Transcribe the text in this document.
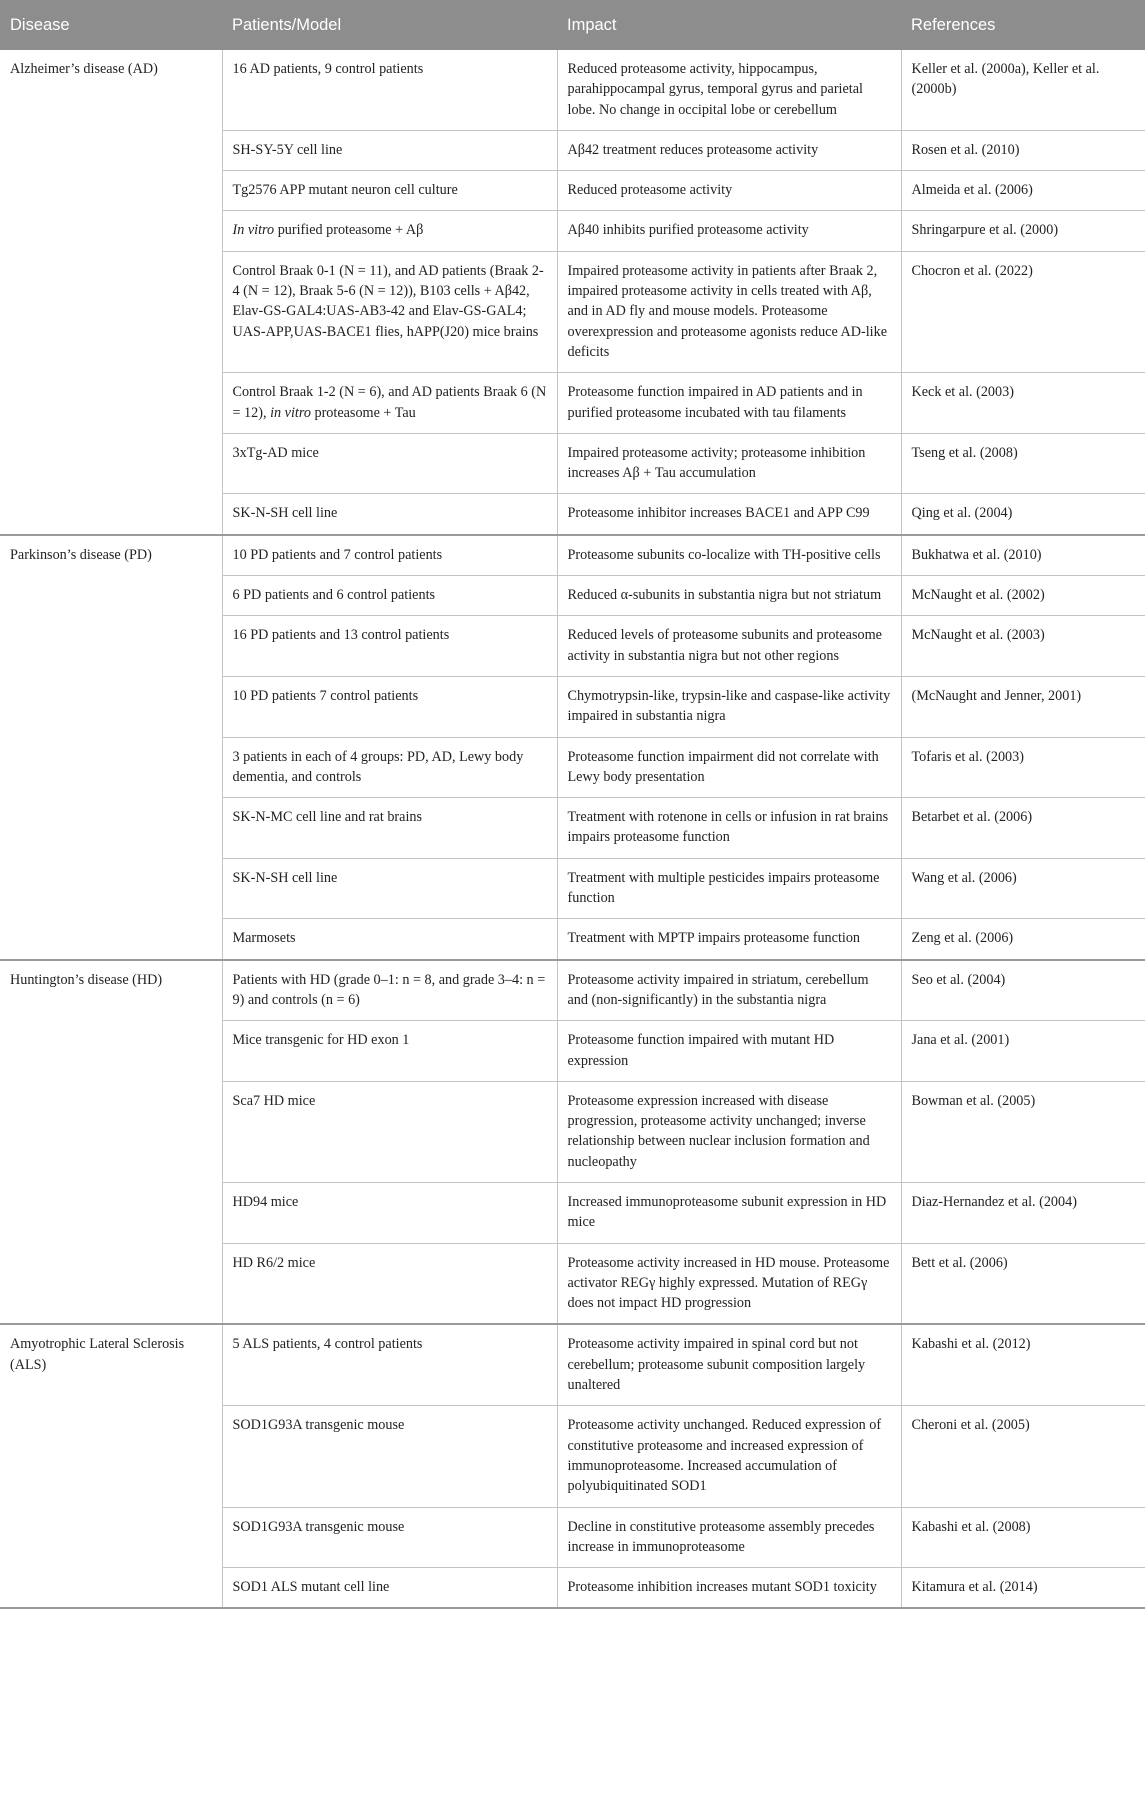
Disease	Patients/Model	Impact	References
Alzheimer’s disease (AD)	16 AD patients, 9 control patients	Reduced proteasome activity, hippocampus, parahippocampal gyrus, temporal gyrus and parietal lobe. No change in occipital lobe or cerebellum	Keller et al. (2000a), Keller et al. (2000b)
	SH-SY-5Y cell line	Aβ42 treatment reduces proteasome activity	Rosen et al. (2010)
	Tg2576 APP mutant neuron cell culture	Reduced proteasome activity	Almeida et al. (2006)
	In vitro purified proteasome + Aβ	Aβ40 inhibits purified proteasome activity	Shringarpure et al. (2000)
	Control Braak 0-1 (N = 11), and AD patients (Braak 2-4 (N = 12), Braak 5-6 (N = 12)), B103 cells + Aβ42, Elav-GS-GAL4:UAS-AB3-42 and Elav-GS-GAL4; UAS-APP,UAS-BACE1 flies, hAPP(J20) mice brains	Impaired proteasome activity in patients after Braak 2, impaired proteasome activity in cells treated with Aβ, and in AD fly and mouse models. Proteasome overexpression and proteasome agonists reduce AD-like deficits	Chocron et al. (2022)
	Control Braak 1-2 (N = 6), and AD patients Braak 6 (N = 12), in vitro proteasome + Tau	Proteasome function impaired in AD patients and in purified proteasome incubated with tau filaments	Keck et al. (2003)
	3xTg-AD mice	Impaired proteasome activity; proteasome inhibition increases Aβ + Tau accumulation	Tseng et al. (2008)
	SK-N-SH cell line	Proteasome inhibitor increases BACE1 and APP C99	Qing et al. (2004)
Parkinson’s disease (PD)	10 PD patients and 7 control patients	Proteasome subunits co-localize with TH-positive cells	Bukhatwa et al. (2010)
	6 PD patients and 6 control patients	Reduced α-subunits in substantia nigra but not striatum	McNaught et al. (2002)
	16 PD patients and 13 control patients	Reduced levels of proteasome subunits and proteasome activity in substantia nigra but not other regions	McNaught et al. (2003)
	10 PD patients 7 control patients	Chymotrypsin-like, trypsin-like and caspase-like activity impaired in substantia nigra	(McNaught and Jenner, 2001)
	3 patients in each of 4 groups: PD, AD, Lewy body dementia, and controls	Proteasome function impairment did not correlate with Lewy body presentation	Tofaris et al. (2003)
	SK-N-MC cell line and rat brains	Treatment with rotenone in cells or infusion in rat brains impairs proteasome function	Betarbet et al. (2006)
	SK-N-SH cell line	Treatment with multiple pesticides impairs proteasome function	Wang et al. (2006)
	Marmosets	Treatment with MPTP impairs proteasome function	Zeng et al. (2006)
Huntington’s disease (HD)	Patients with HD (grade 0–1: n = 8, and grade 3–4: n = 9) and controls (n = 6)	Proteasome activity impaired in striatum, cerebellum and (non-significantly) in the substantia nigra	Seo et al. (2004)
	Mice transgenic for HD exon 1	Proteasome function impaired with mutant HD expression	Jana et al. (2001)
	Sca7 HD mice	Proteasome expression increased with disease progression, proteasome activity unchanged; inverse relationship between nuclear inclusion formation and nucleopathy	Bowman et al. (2005)
	HD94 mice	Increased immunoproteasome subunit expression in HD mice	Diaz-Hernandez et al. (2004)
	HD R6/2 mice	Proteasome activity increased in HD mouse. Proteasome activator REGγ highly expressed. Mutation of REGγ does not impact HD progression	Bett et al. (2006)
Amyotrophic Lateral Sclerosis (ALS)	5 ALS patients, 4 control patients	Proteasome activity impaired in spinal cord but not cerebellum; proteasome subunit composition largely unaltered	Kabashi et al. (2012)
	SOD1G93A transgenic mouse	Proteasome activity unchanged. Reduced expression of constitutive proteasome and increased expression of immunoproteasome. Increased accumulation of polyubiquitinated SOD1	Cheroni et al. (2005)
	SOD1G93A transgenic mouse	Decline in constitutive proteasome assembly precedes increase in immunoproteasome	Kabashi et al. (2008)
	SOD1 ALS mutant cell line	Proteasome inhibition increases mutant SOD1 toxicity	Kitamura et al. (2014)
